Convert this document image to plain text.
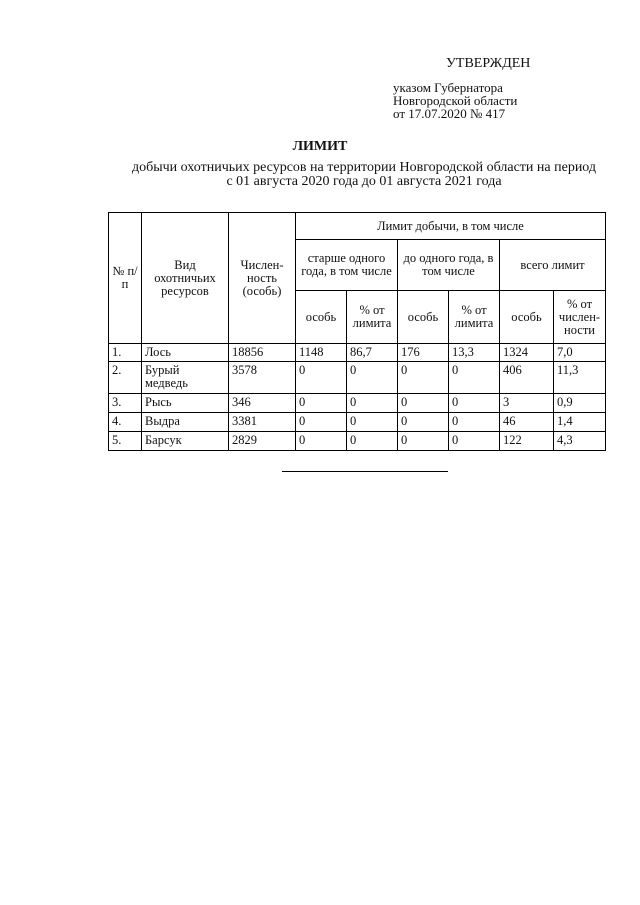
УТВЕРЖДЕН
указом Губернатора
Новгородской области
от 17.07.2020 № 417
ЛИМИТ
добычи охотничьих ресурсов на территории Новгородской области на период
с 01 августа 2020 года до 01 августа 2021 года
№ п/п	Вид охотничьих ресурсов	Числен-ность (особь)	Лимит добычи, в том числе					
			старше одного года, в том числе		до одного года, в том числе		всего лимит	
			особь	% от лимита	особь	% от лимита	особь	% от числен-ности
1.	Лось	18856	1148	86,7	176	13,3	1324	7,0
2.	Бурый медведь	3578	0	0	0	0	406	11,3
3.	Рысь	346	0	0	0	0	3	0,9
4.	Выдра	3381	0	0	0	0	46	1,4
5.	Барсук	2829	0	0	0	0	122	4,3
